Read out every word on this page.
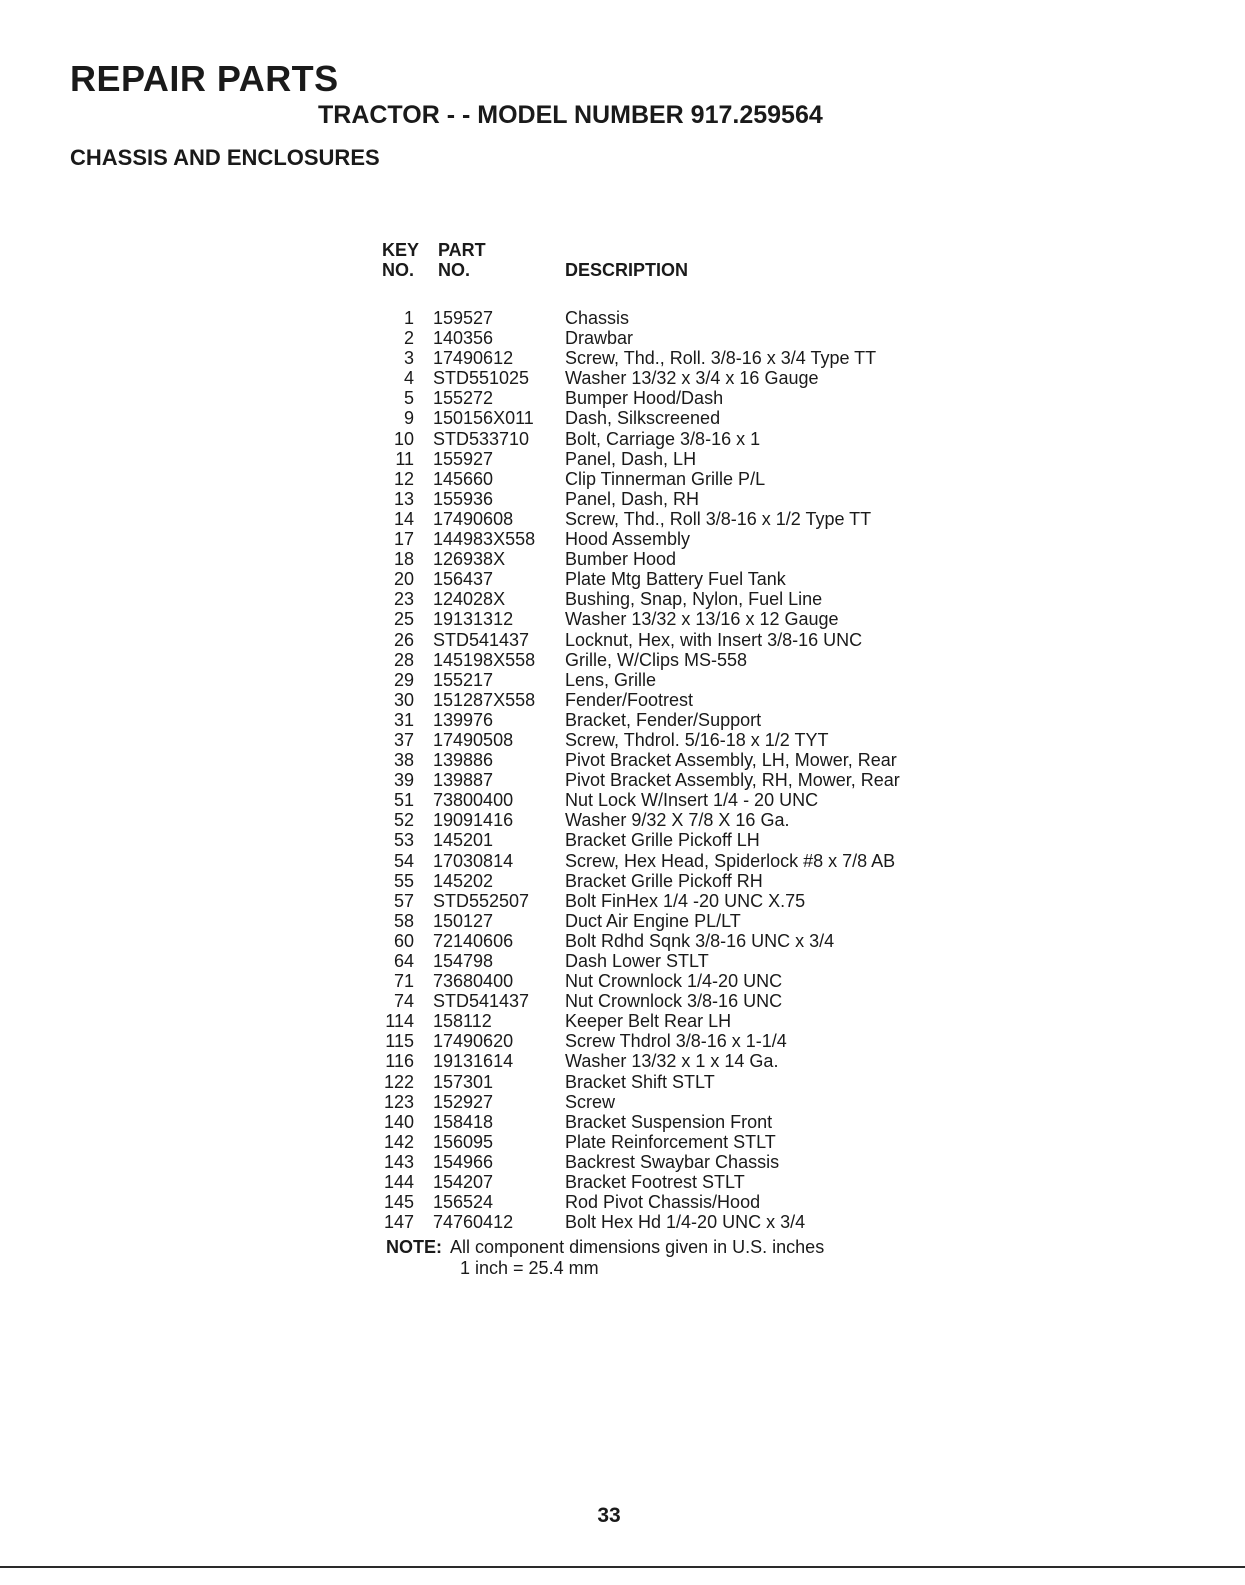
REPAIR PARTS
TRACTOR - - MODEL NUMBER 917.259564
CHASSIS AND ENCLOSURES
KEY
NO.
PART
NO.	DESCRIPTION
1 159527	Chassis
2 140356	Drawbar
3 17490612	Screw, Thd., Roll. 3/8-16 x 3/4 Type TT
4 STD551025 Washer 13/32 x 3/4 x 16 Gauge
5 155272	Bumper Hood/Dash
9 150156X011 Dash, Silkscreened
10 STD533710 Bolt, Carriage 3/8-16 x 1
11 155927	Panel, Dash, LH
12 145660	Clip Tinnerman Grille P/L
13 155936	Panel, Dash, RH
14 17490608	Screw, Thd., Roll 3/8-16 x 1/2 Type TT
17 144983X558 Hood Assembly
18 126938X	Bumber Hood
20 156437	Plate Mtg Battery Fuel Tank
23 124028X	Bushing, Snap, Nylon, Fuel Line
25 19131312	Washer 13/32 x 13/16 x 12 Gauge
26 STD541437 Locknut, Hex, with Insert 3/8-16 UNC
28 145198X558 Grille, W/Clips MS-558
29 155217	Lens, Grille
30 151287X558 Fender/Footrest
31 139976	Bracket, Fender/Support
37 17490508	Screw, Thdrol. 5/16-18 x 1/2 TYT
38 139886	Pivot Bracket Assembly, LH, Mower, Rear
39 139887	Pivot Bracket Assembly, RH, Mower, Rear
51 73800400	Nut Lock W/Insert 1/4 - 20 UNC
52 19091416	Washer 9/32 X 7/8 X 16 Ga.
53 145201	Bracket Grille Pickoff LH
54 17030814	Screw, Hex Head, Spiderlock #8 x 7/8 AB
55 145202	Bracket Grille Pickoff RH
57 STD552507 Bolt FinHex 1/4 -20 UNC X.75
58 150127	Duct Air Engine PL/LT
60 72140606	Bolt Rdhd Sqnk 3/8-16 UNC x 3/4
64 154798	Dash Lower STLT
71 73680400	Nut Crownlock 1/4-20 UNC
74 STD541437 Nut Crownlock 3/8-16 UNC
114 158112	Keeper Belt Rear LH
115 17490620	Screw Thdrol 3/8-16 x 1-1/4
116 19131614	Washer 13/32 x 1 x 14 Ga.
122 157301	Bracket Shift STLT
123 152927	Screw
140 158418	Bracket Suspension Front
142 156095	Plate Reinforcement STLT
143 154966	Backrest Swaybar Chassis
144 154207	Bracket Footrest STLT
145 156524	Rod Pivot Chassis/Hood
147 74760412	Bolt Hex Hd 1/4-20 UNC x 3/4
NOTE: All component dimensions given in U.S. inches
1 inch = 25.4 mm
33
